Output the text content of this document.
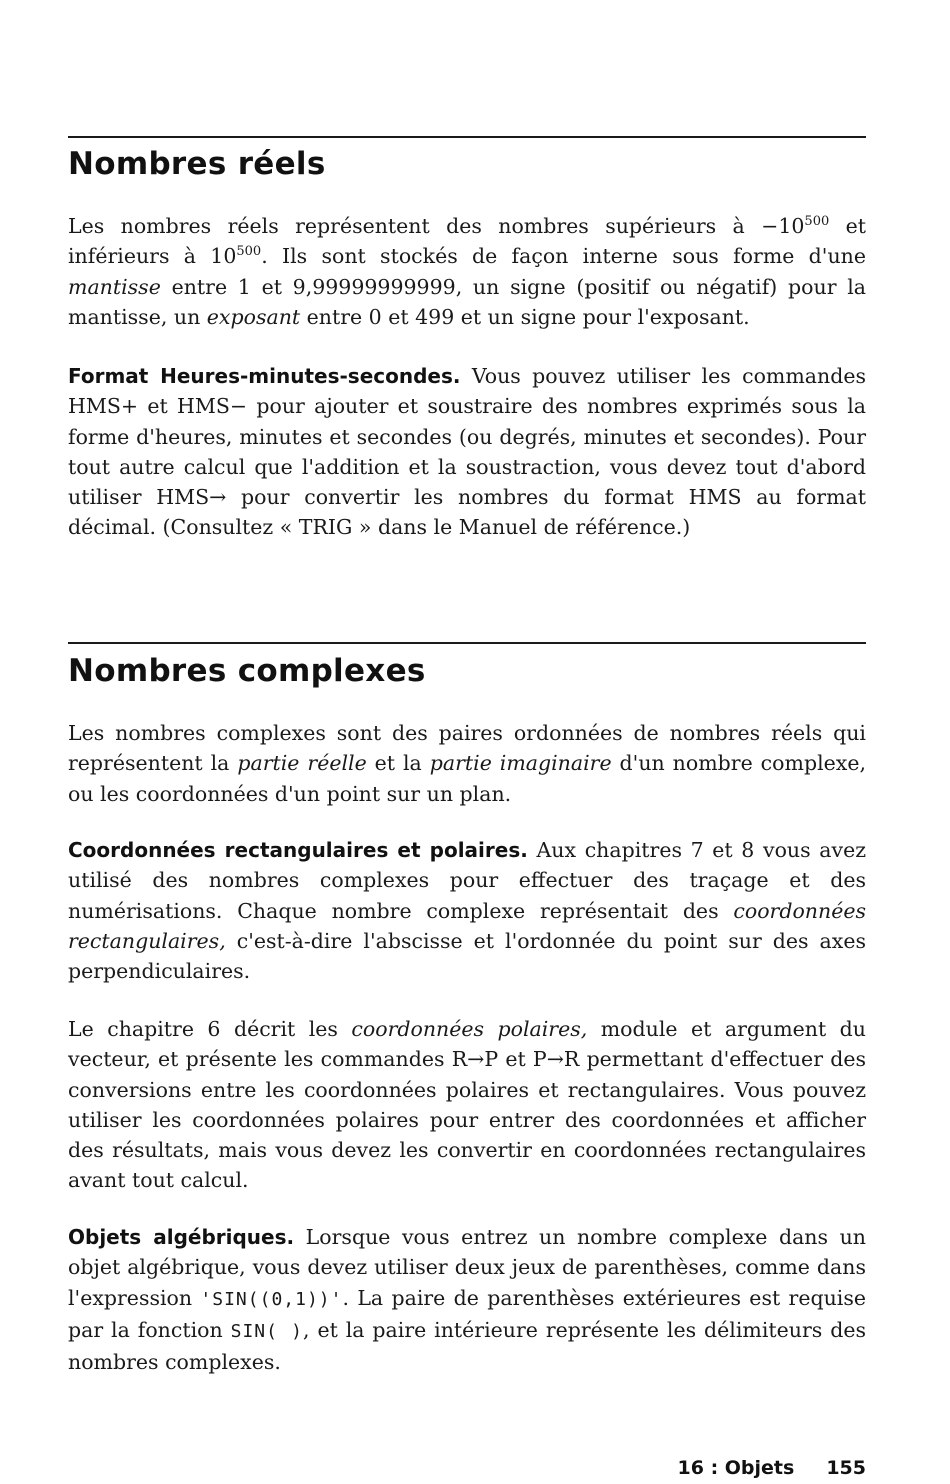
Nombres réels

Les nombres réels représentent des nombres supérieurs à $-10^{500}$ et inférieurs à $10^{500}$. Ils sont stockés de façon interne sous forme d'une mantisse entre 1 et 9,99999999999, un signe (positif ou négatif) pour la mantisse, un exposant entre 0 et 499 et un signe pour l'exposant.

Format Heures-minutes-secondes. Vous pouvez utiliser les commandes HMS+ et HMS− pour ajouter et soustraire des nombres exprimés sous la forme d'heures, minutes et secondes (ou degrés, minutes et secondes). Pour tout autre calcul que l'addition et la soustraction, vous devez tout d'abord utiliser HMS→ pour convertir les nombres du format HMS au format décimal. (Consultez « TRIG » dans le Manuel de référence.)

Nombres complexes

Les nombres complexes sont des paires ordonnées de nombres réels qui représentent la partie réelle et la partie imaginaire d'un nombre complexe, ou les coordonnées d'un point sur un plan.

Coordonnées rectangulaires et polaires. Aux chapitres 7 et 8 vous avez utilisé des nombres complexes pour effectuer des traçage et des numérisations. Chaque nombre complexe représentait des coordonnées rectangulaires, c'est-à-dire l'abscisse et l'ordonnée du point sur des axes perpendiculaires.

Le chapitre 6 décrit les coordonnées polaires, module et argument du vecteur, et présente les commandes R→P et P→R permettant d'effectuer des conversions entre les coordonnées polaires et rectangulaires. Vous pouvez utiliser les coordonnées polaires pour entrer des coordonnées et afficher des résultats, mais vous devez les convertir en coordonnées rectangulaires avant tout calcul.

Objets algébriques. Lorsque vous entrez un nombre complexe dans un objet algébrique, vous devez utiliser deux jeux de parenthèses, comme dans l'expression 'SIN((0,1))'. La paire de parenthèses extérieures est requise par la fonction SIN( ), et la paire intérieure représente les délimiteurs des nombres complexes.

16 : Objets 155
